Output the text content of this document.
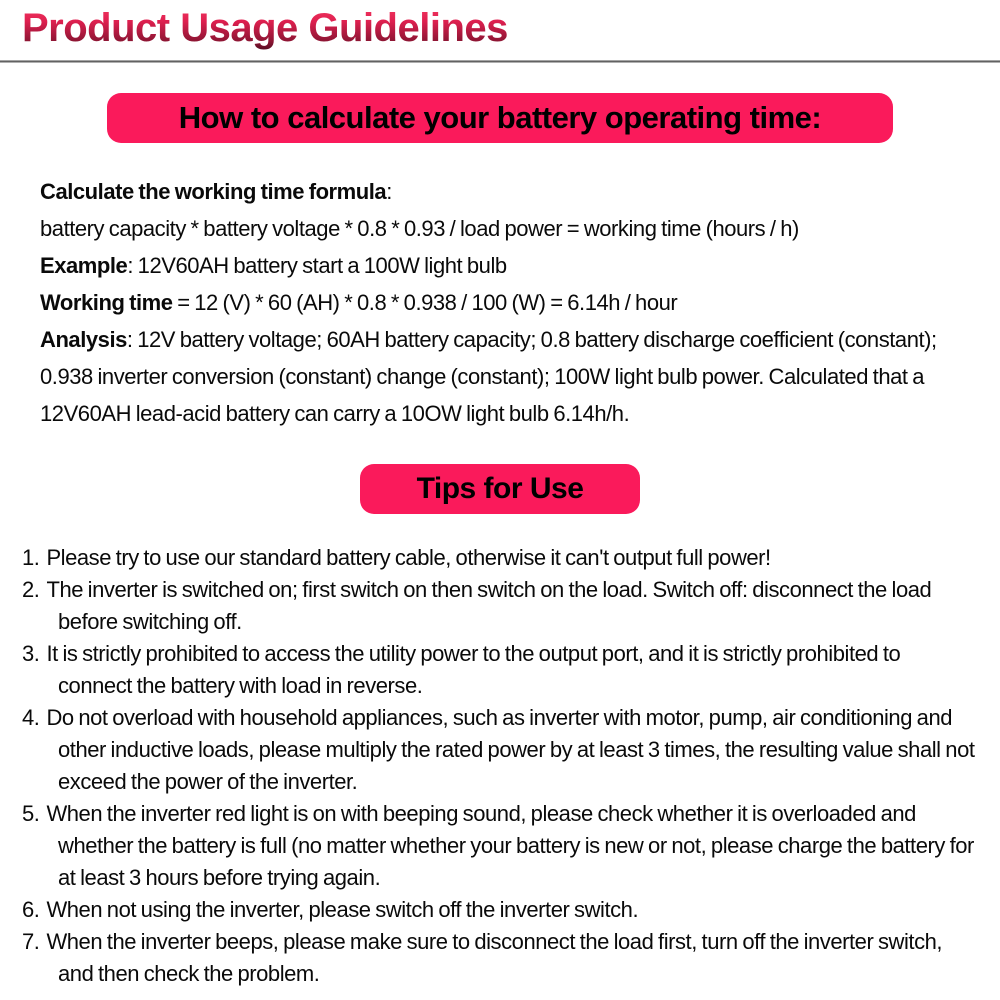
Product Usage Guidelines
How to calculate your battery operating time:

Calculate the working time formula:

battery capacity * battery voltage * 0.8 * 0.93 / load power = working time (hours / h)

Example: 12V60AH battery start a 100W light bulb

Working time = 12 (V) * 60 (AH) * 0.8 * 0.938 / 100 (W) = 6.14h / hour

Analysis: 12V battery voltage; 60AH battery capacity; 0.8 battery discharge coefficient (constant); 0.938 inverter conversion (constant) change (constant); 100W light bulb power. Calculated that a 12V60AH lead-acid battery can carry a 10OW light bulb 6.14h/h.

Tips for Use
1. Please try to use our standard battery cable, otherwise it can't output full power!
2. The inverter is switched on; first switch on then switch on the load. Switch off: disconnect the load before switching off.
3. It is strictly prohibited to access the utility power to the output port, and it is strictly prohibited to connect the battery with load in reverse.
4. Do not overload with household appliances, such as inverter with motor, pump, air conditioning and other inductive loads, please multiply the rated power by at least 3 times, the resulting value shall not exceed the power of the inverter.
5. When the inverter red light is on with beeping sound, please check whether it is overloaded and whether the battery is full (no matter whether your battery is new or not, please charge the battery for at least 3 hours before trying again.
6. When not using the inverter, please switch off the inverter switch.
7. When the inverter beeps, please make sure to disconnect the load first, turn off the inverter switch, and then check the problem.
